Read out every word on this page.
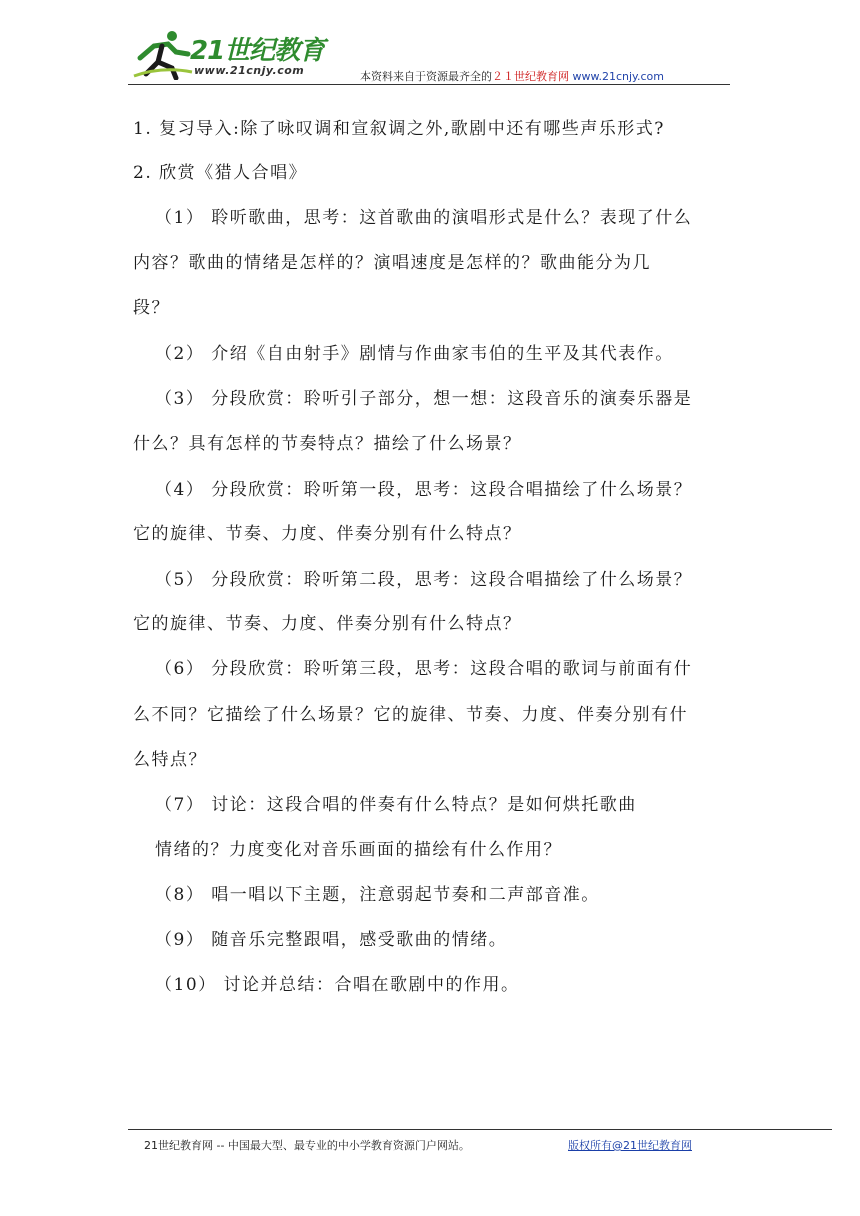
21世纪教育
www.21cnjy.com	本资料来自于资源最齐全的２１世纪教育网 www.21cnjy.com
1. 复习导入:除了咏叹调和宣叙调之外,歌剧中还有哪些声乐形式?
2. 欣赏《猎人合唱》
（1） 聆听歌曲，思考：这首歌曲的演唱形式是什么？表现了什么
内容？歌曲的情绪是怎样的？演唱速度是怎样的？歌曲能分为几
段？
（2） 介绍《自由射手》剧情与作曲家韦伯的生平及其代表作。
（3） 分段欣赏：聆听引子部分，想一想：这段音乐的演奏乐器是
什么？具有怎样的节奏特点？描绘了什么场景？
（4） 分段欣赏：聆听第一段，思考：这段合唱描绘了什么场景？
它的旋律、节奏、力度、伴奏分别有什么特点？
（5） 分段欣赏：聆听第二段，思考：这段合唱描绘了什么场景？
它的旋律、节奏、力度、伴奏分别有什么特点？
（6） 分段欣赏：聆听第三段，思考：这段合唱的歌词与前面有什
么不同？它描绘了什么场景？它的旋律、节奏、力度、伴奏分别有什
么特点？
（7） 讨论：这段合唱的伴奏有什么特点？是如何烘托歌曲
情绪的？力度变化对音乐画面的描绘有什么作用？
（8） 唱一唱以下主题，注意弱起节奏和二声部音准。
（9） 随音乐完整跟唱，感受歌曲的情绪。
（10） 讨论并总结：合唱在歌剧中的作用。
21世纪教育网 -- 中国最大型、最专业的中小学教育资源门户网站。	版权所有@21世纪教育网
